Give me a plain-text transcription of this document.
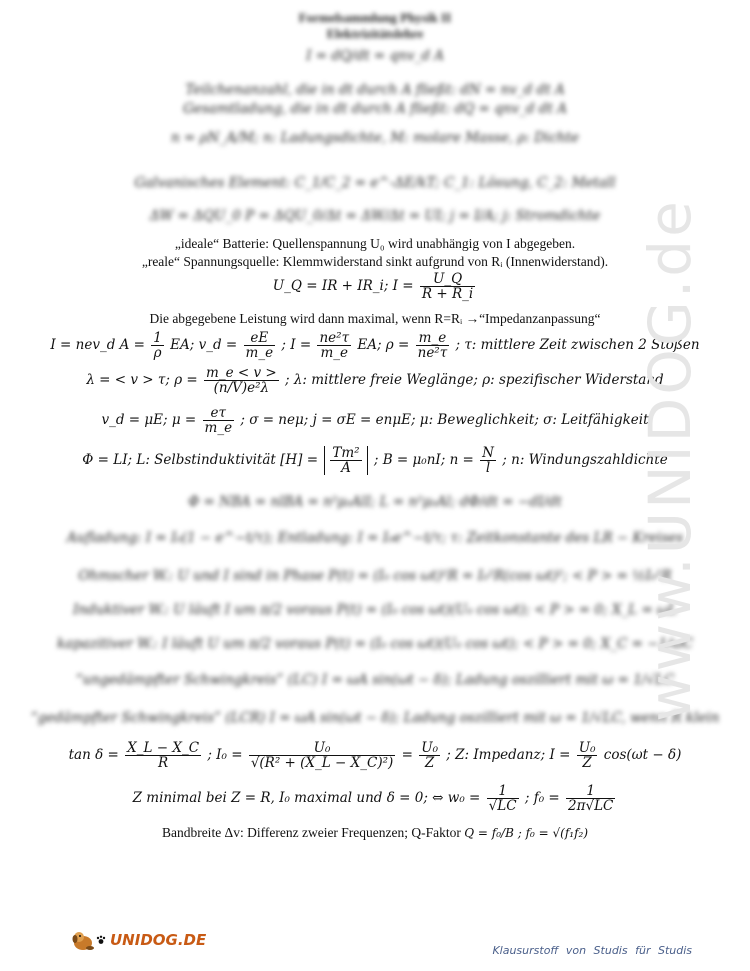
Formelsammlung Physik II
Elektrizitätslehre
I = dQ/dt = qnv_d A
Teilchenanzahl, die in dt durch A fließt: dN = nv_d dt A
Gesamtladung, die in dt durch A fließt: dQ = qnv_d dt A
n = ρN_A/M; n: Ladungsdichte, M: molare Masse, ρ: Dichte
Galvanisches Element: C_1/C_2 = e^-ΔE/kT; C_1: Lösung, C_2: Metall
ΔW = ΔQU_0 P = ΔQU_0/Δt = ΔW/Δt = UI; j = I/A; j: Stromdichte
„ideale“ Batterie: Quellenspannung U₀ wird unabhängig von I abgegeben.
„reale“ Spannungsquelle: Klemmwiderstand sinkt aufgrund von Rᵢ (Innenwiderstand).
U_Q = IR + IR_i; $I = \frac{U\_Q}{R + R\_i}$
Die abgegebene Leistung wird dann maximal, wenn R=Rᵢ →“Impedanzanpassung“
I = nev_d $A = \frac{1}{\rho}$ EA; v_d = $\frac{eE}{m\_e}$ ; $I = \frac{\text{ne²τ}}{m\_e}$ EA; $\rho = \frac{m\_e}{\text{ne²τ}}$ ; τ: mittlere Zeit zwischen 2 Stößen
λ = < v > τ; $\rho = \frac{m\_e < v >}{\text{(n/V)e²λ}}$ ; λ: mittlere freie Weglänge; ρ: spezifischer Widerstand
v_d = μE; $\mu = \frac{e\tau}{m\_e}$ ; σ = neμ; j = σE = enμE; μ: Beweglichkeit; σ: Leitfähigkeit
Φ = LI; L: Selbstinduktivität $[H] = \frac{\text{Tm²}}{A}$ ; B = μ₀nI; $n = \frac{N}{l}$ ; n: Windungszahldichte
Φ = NBA = nlBA = n²μ₀AlI; L = n²μ₀Al; dΦ/dt = −dI/dt
Aufladung: I = I₀(1 − e^−t/τ); Entladung: I = I₀e^−t/τ; τ: Zeitkonstante des LR − Kreises
Ohmscher W.: U und I sind in Phase P(t) = (I₀ cos ωt)²R = I₀²R(cos ωt)²; < P > = ½I₀²R
Induktiver W.: U läuft I um π/2 voraus P(t) = (I₀ cos ωt)(U₀ cos ωt); < P > = 0; X_L = ωL
kapazitiver W.: I läuft U um π/2 voraus P(t) = (I₀ cos ωt)(U₀ cos ωt); < P > = 0; X_C = −1/ωC
“ungedämpfter Schwingkreis” (LC) I = ωA sin(ωt − δ); Ladung oszilliert mit ω = 1/√LC
“gedämpfter Schwingkreis” (LCR) I = ωA sin(ωt − δ); Ladung oszilliert mit ω = 1/√LC, wenn R klein
$\tan \delta = \frac{X\_L - X\_C}{R}$ ; $I_0 = \frac{\text{U₀}}{\text{√(R² + (X\_L − X\_C)²)}} = \frac{\text{U₀}}{Z}$ ; Z: Impedanz; $I = \frac{\text{U₀}}{Z} \cos(\omega t - \delta)$
Z minimal bei Z = R, I₀ maximal und δ = 0; ⇔ $w_0 = \frac{1}{√LC}$ ; $f_0 = \frac{1}{2\pi√LC}$
Bandbreite Δv: Differenz zweier Frequenzen; Q-Faktor Q = f₀/B ; f₀ = √(f₁f₂)
www.UNIDOG.de
UNIDOG.DE
Klausurstoff von Studis für Studis
